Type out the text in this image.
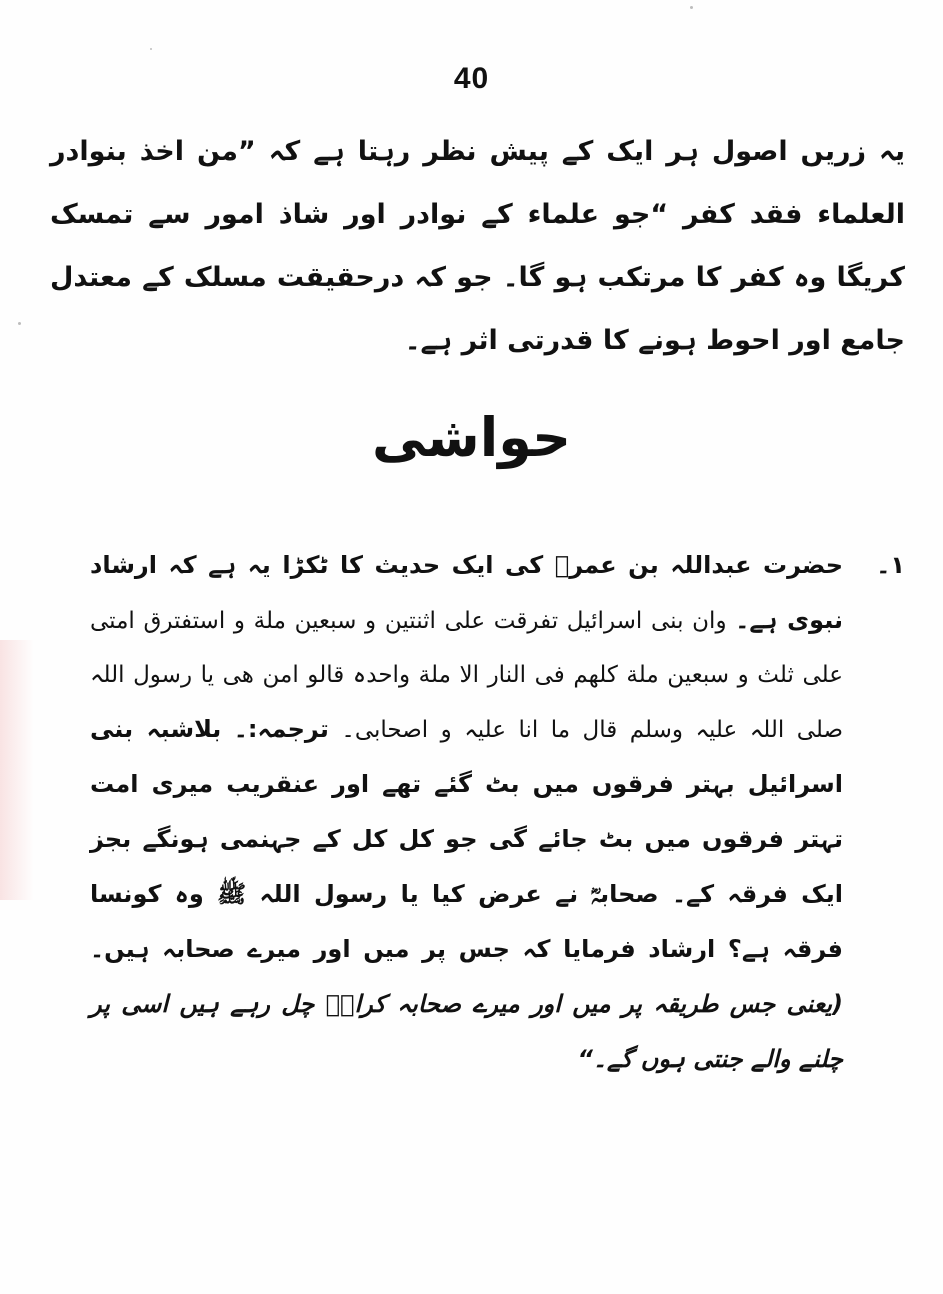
40

یہ زریں اصول ہر ایک کے پیش نظر رہتا ہے کہ ”من اخذ بنوادر العلماء فقد کفر “جو علماء کے نوادر اور شاذ امور سے تمسک کریگا وہ کفر کا مرتکب ہو گا۔ جو کہ درحقیقت مسلک کے معتدل جامع اور احوط ہونے کا قدرتی اثر ہے۔

حواشی
۱۔

حضرت عبداللہ بن عمرؓ کی ایک حدیث کا ٹکڑا یہ ہے کہ ارشاد نبوی ہے۔ وان بنی اسرائیل تفرقت علی اثنتین و سبعین ملة و استفترق امتی علی ثلث و سبعین ملة کلھم فی النار الا ملة واحدہ قالو امن ھی یا رسول اللہ صلی اللہ علیہ وسلم قال ما انا علیہ و اصحابی۔ ترجمہ:۔ بلاشبہ بنی اسرائیل بہتر فرقوں میں بٹ گئے تھے اور عنقریب میری امت تہتر فرقوں میں بٹ جائے گی جو کل کل کے جہنمی ہونگے بجز ایک فرقہ کے۔ صحابہؓ نے عرض کیا یا رسول اللہ ﷺ وہ کونسا فرقہ ہے؟ ارشاد فرمایا کہ جس پر میں اور میرے صحابہ ہیں۔ (یعنی جس طریقہ پر میں اور میرے صحابہ کرامؓ چل رہے ہیں اسی پر چلنے والے جنتی ہوں گے۔“
